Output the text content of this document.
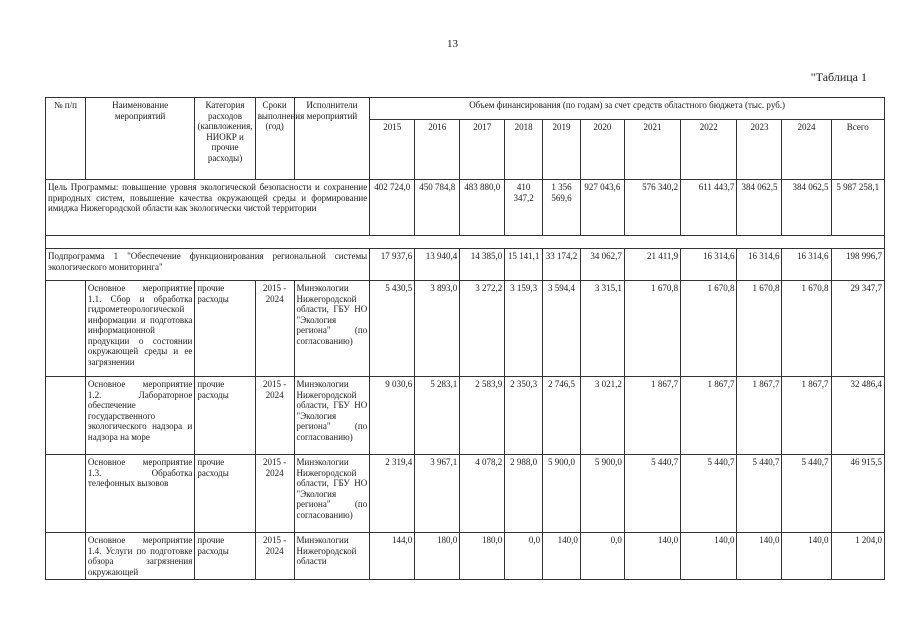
13
"Таблица 1
№ п/п	Наименование мероприятий	Категория расходов (капвложения, НИОКР и прочие расходы)	Сроки выполнения (год)	Исполнители мероприятий	Объем финансирования (по годам) за счет средств областного бюджета (тыс. руб.)										
					2015	2016	2017	2018	2019	2020	2021	2022	2023	2024	Всего
Цель Программы: повышение уровня экологической безопасности и сохранение природных систем, повышение качества окружающей среды и формирование имиджа Нижегородской области как экологически чистой территории					402 724,0	450 784,8	483 880,0	410 347,2	1 356 569,6	927 043,6	576 340,2	611 443,7	384 062,5	384 062,5	5 987 258,1

Подпрограмма 1 "Обеспечение функционирования региональной системы экологического мониторинга"					17 937,6	13 940,4	14 385,0	15 141,1	33 174,2	34 062,7	21 411,9	16 314,6	16 314,6	16 314,6	198 996,7
	Основное мероприятие 1.1. Сбор и обработка гидрометеорологической информации и подготовка информационной продукции о состоянии окружающей среды и ее загрязнении	прочие расходы	2015 - 2024	Минэкологии Нижегородской области, ГБУ НО "Экология региона" (по согласованию)	5 430,5	3 893,0	3 272,2	3 159,3	3 594,4	3 315,1	1 670,8	1 670,8	1 670,8	1 670,8	29 347,7
	Основное мероприятие 1.2. Лабораторное обеспечение государственного экологического надзора и надзора на море	прочие расходы	2015 - 2024	Минэкологии Нижегородской области, ГБУ НО "Экология региона" (по согласованию)	9 030,6	5 283,1	2 583,9	2 350,3	2 746,5	3 021,2	1 867,7	1 867,7	1 867,7	1 867,7	32 486,4
	Основное мероприятие 1.3. Обработка телефонных вызовов	прочие расходы	2015 - 2024	Минэкологии Нижегородской области, ГБУ НО "Экология региона" (по согласованию)	2 319,4	3 967,1	4 078,2	2 988,0	5 900,0	5 900,0	5 440,7	5 440,7	5 440,7	5 440,7	46 915,5
	Основное мероприятие 1.4. Услуги по подготовке обзора загрязнения окружающей	прочие расходы	2015 - 2024	Минэкологии Нижегородской области	144,0	180,0	180,0	0,0	140,0	0,0	140,0	140,0	140,0	140,0	1 204,0
